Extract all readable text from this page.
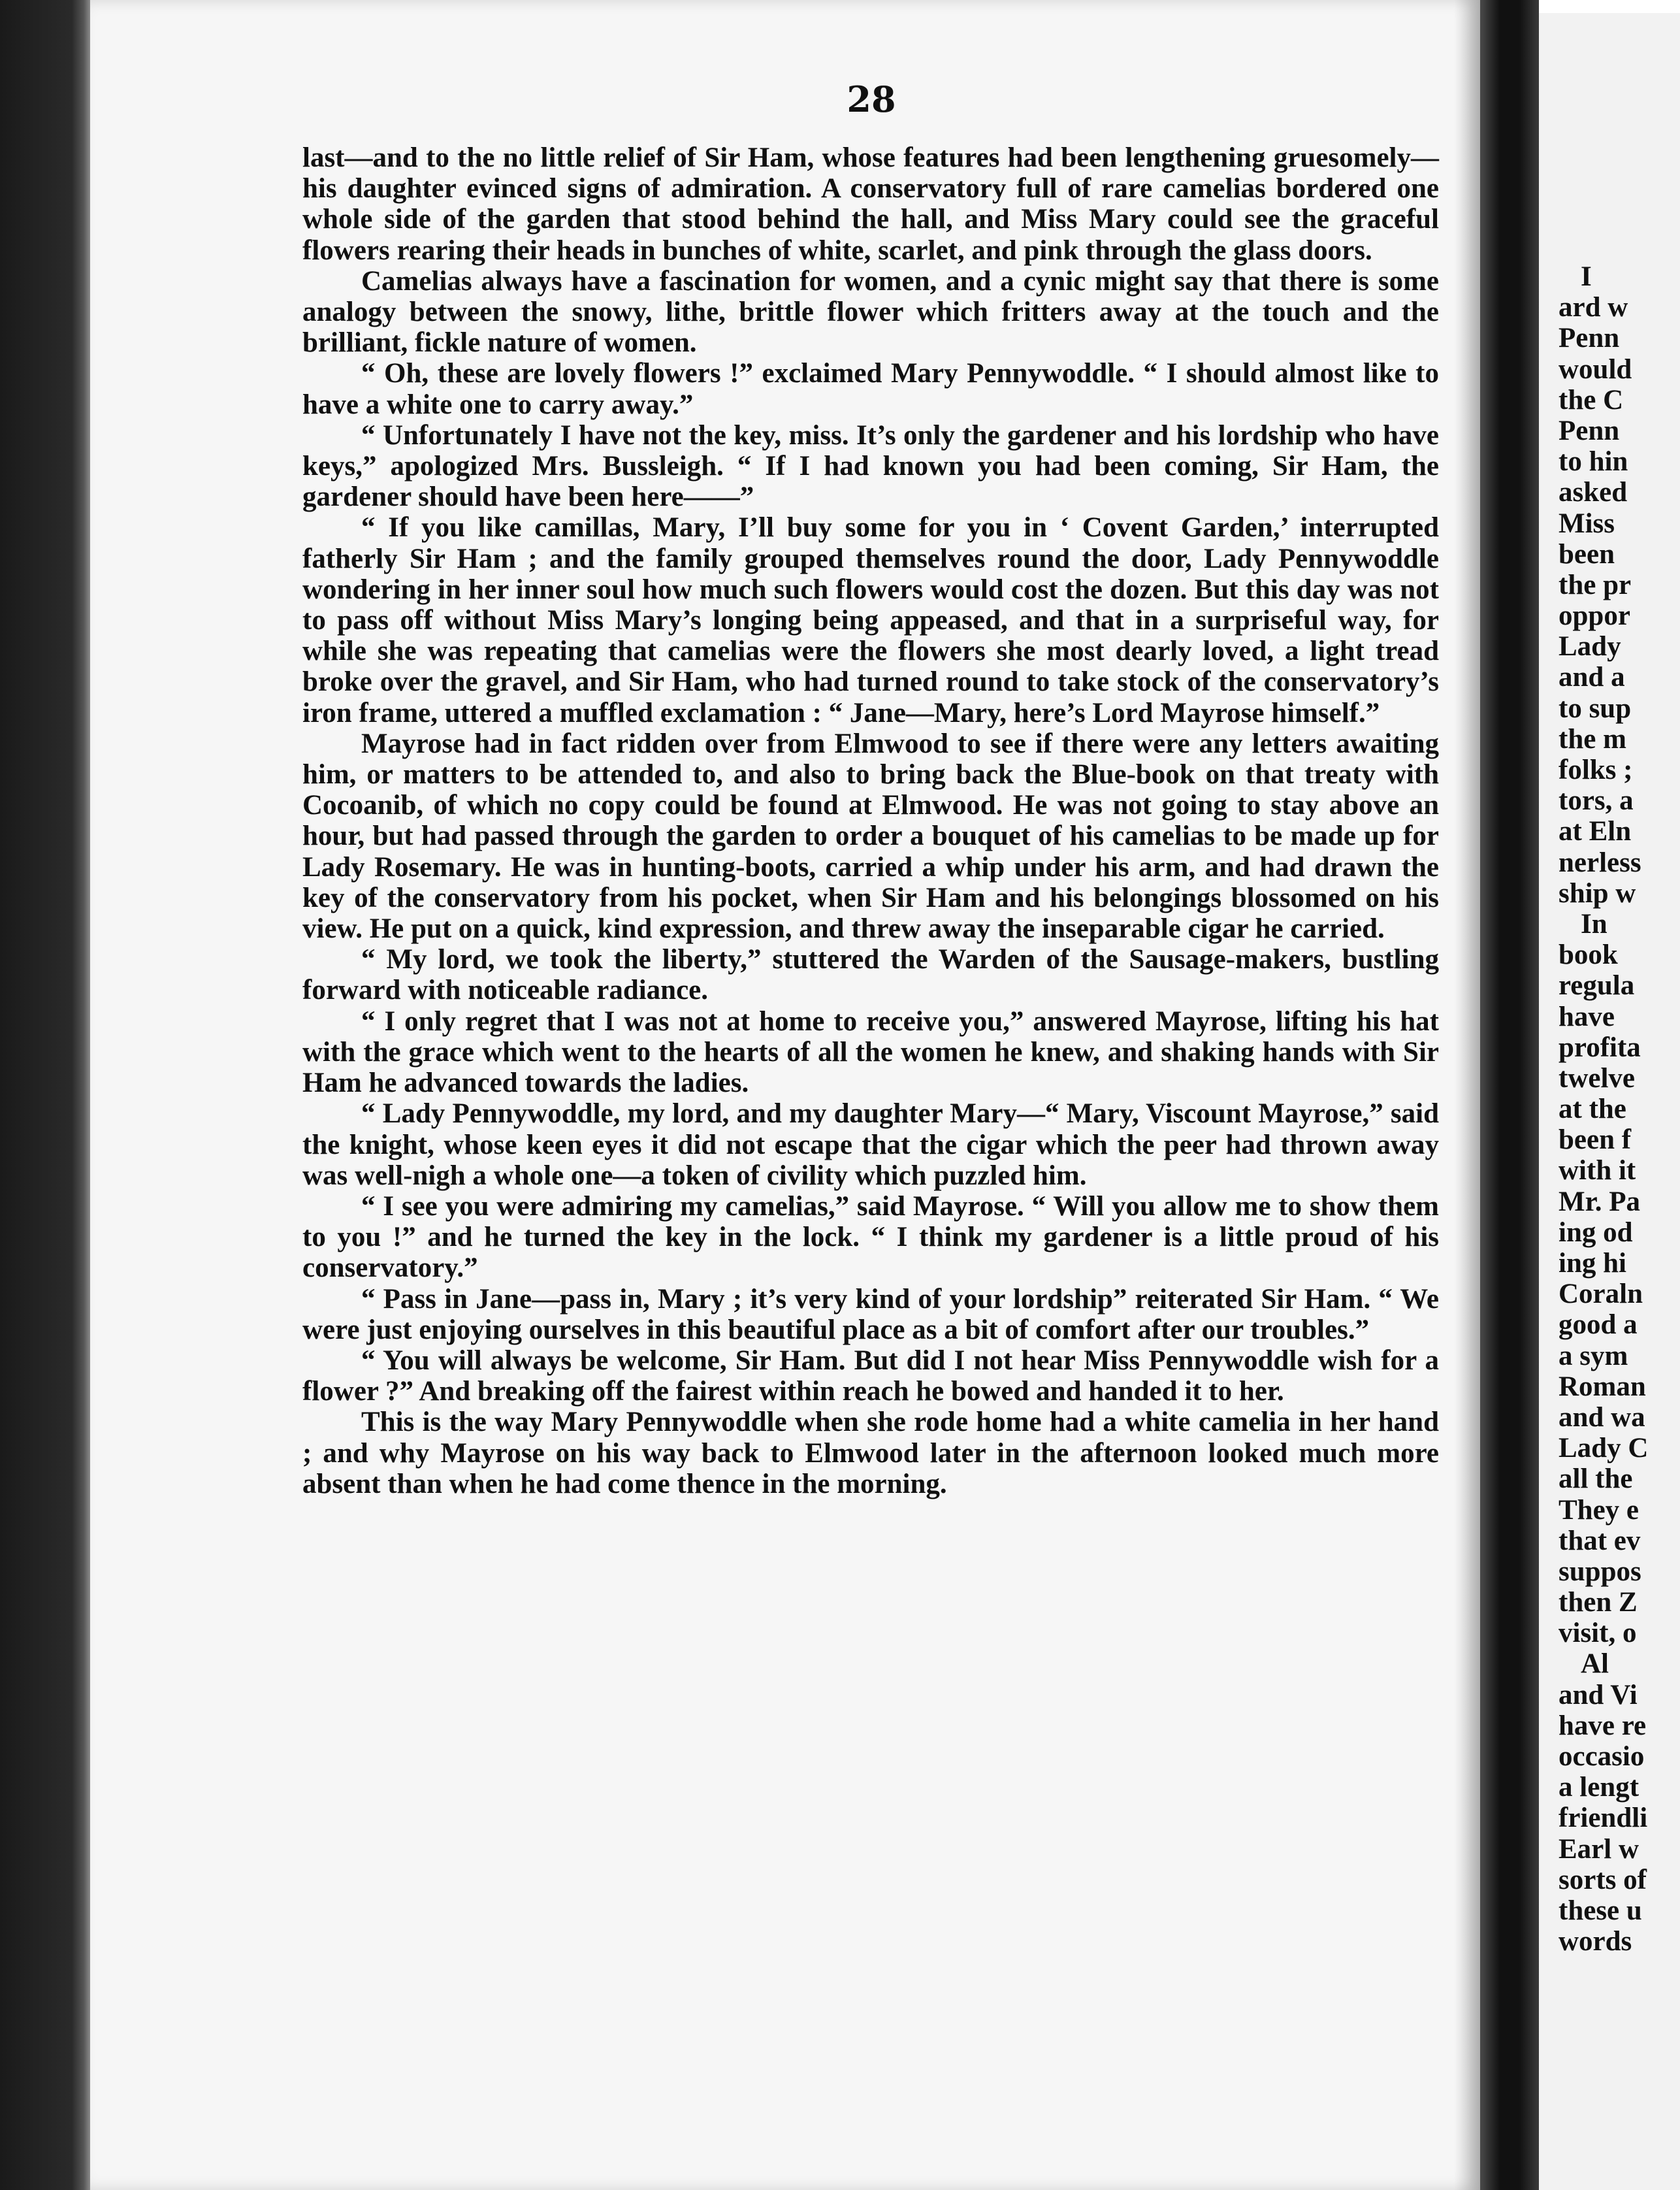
I
ard w
Penn
would
the C
Penn
to hin
asked
Miss
been
the pr
oppor
Lady
and a
to sup
the m
folks ;
tors, a
at Eln
nerless
ship w
In
book
regula
have
profita
twelve
at the
been f
with it
Mr. Pa
ing od
ing hi
Coraln
good a
a sym
Roman
and wa
Lady C
all the
They e
that ev
suppos
then Z
visit, o
Al
and Vi
have re
occasio
a lengt
friendli
Earl w
sorts of
these u
words
28

last—and to the no little relief of Sir Ham, whose features had been lengthening gruesomely—his daughter evinced signs of admiration. A conservatory full of rare camelias bordered one whole side of the garden that stood behind the hall, and Miss Mary could see the graceful flowers rearing their heads in bunches of white, scarlet, and pink through the glass doors.

Camelias always have a fascination for women, and a cynic might say that there is some analogy between the snowy, lithe, brittle flower which fritters away at the touch and the brilliant, fickle nature of women.

“ Oh, these are lovely flowers !” exclaimed Mary Pennywoddle. “ I should almost like to have a white one to carry away.”

“ Unfortunately I have not the key, miss. It’s only the gardener and his lordship who have keys,” apologized Mrs. Bussleigh. “ If I had known you had been coming, Sir Ham, the gardener should have been here——”

“ If you like camillas, Mary, I’ll buy some for you in ‘ Covent Garden,’ interrupted fatherly Sir Ham ; and the family grouped themselves round the door, Lady Pennywoddle wondering in her inner soul how much such flowers would cost the dozen. But this day was not to pass off without Miss Mary’s longing being appeased, and that in a surpriseful way, for while she was repeating that camelias were the flowers she most dearly loved, a light tread broke over the gravel, and Sir Ham, who had turned round to take stock of the conservatory’s iron frame, uttered a muffled exclamation : “ Jane—Mary, here’s Lord Mayrose himself.”

Mayrose had in fact ridden over from Elmwood to see if there were any letters awaiting him, or matters to be attended to, and also to bring back the Blue-book on that treaty with Cocoanib, of which no copy could be found at Elmwood. He was not going to stay above an hour, but had passed through the garden to order a bouquet of his camelias to be made up for Lady Rosemary. He was in hunting-boots, carried a whip under his arm, and had drawn the key of the conservatory from his pocket, when Sir Ham and his belongings blossomed on his view. He put on a quick, kind expression, and threw away the inseparable cigar he carried.

“ My lord, we took the liberty,” stuttered the Warden of the Sausage-makers, bustling forward with noticeable radiance.

“ I only regret that I was not at home to receive you,” answered Mayrose, lifting his hat with the grace which went to the hearts of all the women he knew, and shaking hands with Sir Ham he advanced towards the ladies.

“ Lady Pennywoddle, my lord, and my daughter Mary—“ Mary, Viscount Mayrose,” said the knight, whose keen eyes it did not escape that the cigar which the peer had thrown away was well-nigh a whole one—a token of civility which puzzled him.

“ I see you were admiring my camelias,” said Mayrose. “ Will you allow me to show them to you !” and he turned the key in the lock. “ I think my gardener is a little proud of his conservatory.”

“ Pass in Jane—pass in, Mary ; it’s very kind of your lordship” reiterated Sir Ham. “ We were just enjoying ourselves in this beautiful place as a bit of comfort after our troubles.”

“ You will always be welcome, Sir Ham. But did I not hear Miss Pennywoddle wish for a flower ?” And breaking off the fairest within reach he bowed and handed it to her.

This is the way Mary Pennywoddle when she rode home had a white camelia in her hand ; and why Mayrose on his way back to Elmwood later in the afternoon looked much more absent than when he had come thence in the morning.
